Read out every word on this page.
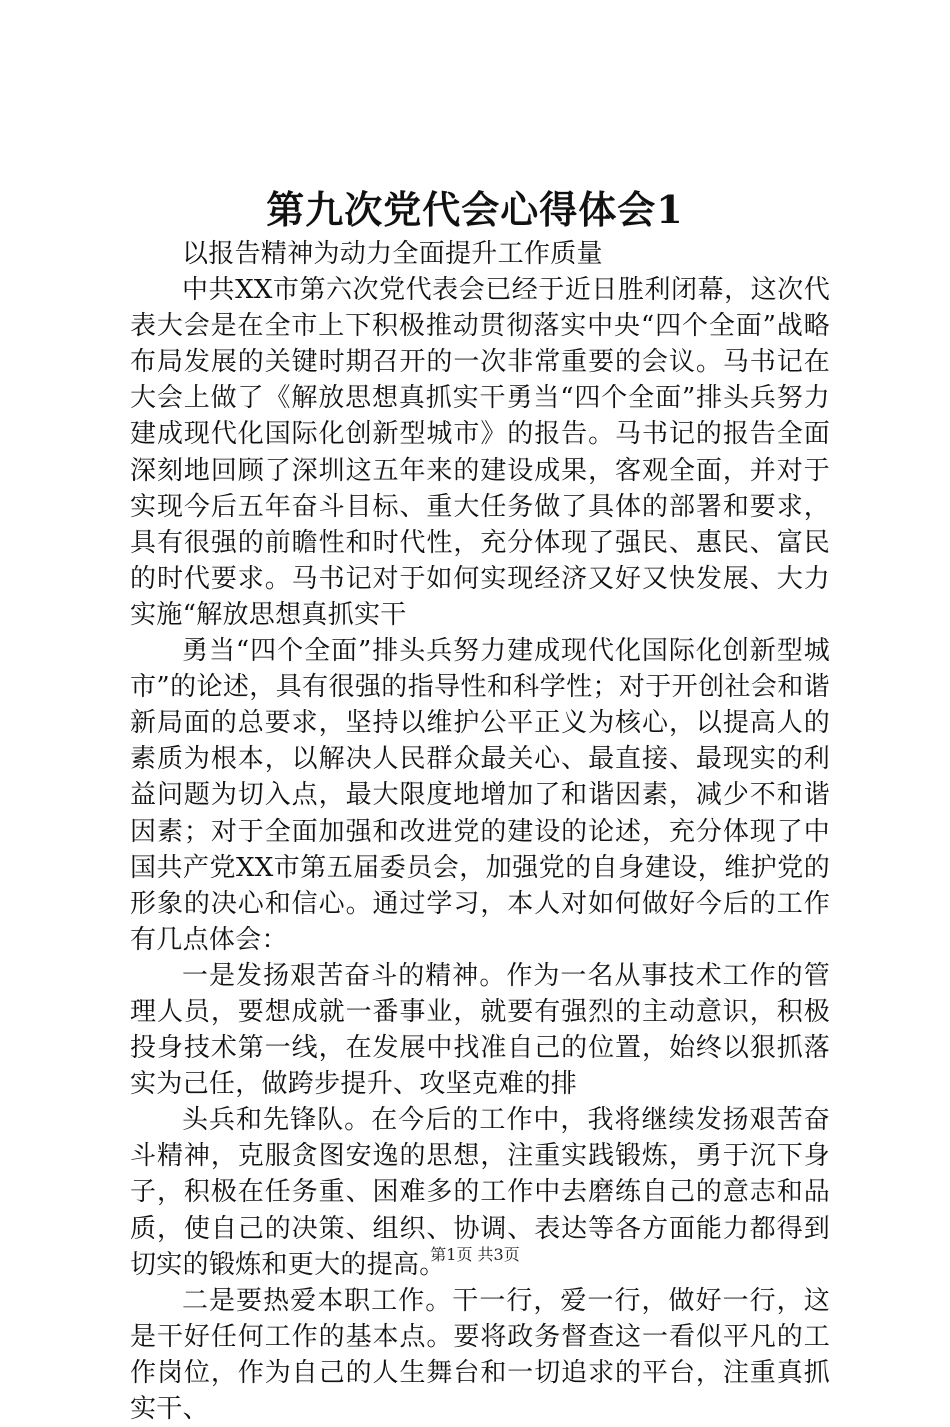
第九次党代会心得体会1

以报告精神为动力全面提升工作质量

中共XX市第六次党代表会已经于近日胜利闭幕，这次代表大会是在全市上下积极推动贯彻落实中央“四个全面”战略布局发展的关键时期召开的一次非常重要的会议。马书记在大会上做了《解放思想真抓实干勇当“四个全面”排头兵努力建成现代化国际化创新型城市》的报告。马书记的报告全面深刻地回顾了深圳这五年来的建设成果，客观全面，并对于实现今后五年奋斗目标、重大任务做了具体的部署和要求，具有很强的前瞻性和时代性，充分体现了强民、惠民、富民的时代要求。马书记对于如何实现经济又好又快发展、大力实施“解放思想真抓实干

勇当“四个全面”排头兵努力建成现代化国际化创新型城市”的论述，具有很强的指导性和科学性；对于开创社会和谐新局面的总要求，坚持以维护公平正义为核心，以提高人的素质为根本，以解决人民群众最关心、最直接、最现实的利益问题为切入点，最大限度地增加了和谐因素，减少不和谐因素；对于全面加强和改进党的建设的论述，充分体现了中国共产党XX市第五届委员会，加强党的自身建设，维护党的形象的决心和信心。通过学习，本人对如何做好今后的工作有几点体会：

一是发扬艰苦奋斗的精神。作为一名从事技术工作的管理人员，要想成就一番事业，就要有强烈的主动意识，积极投身技术第一线，在发展中找准自己的位置，始终以狠抓落实为己任，做跨步提升、攻坚克难的排

头兵和先锋队。在今后的工作中，我将继续发扬艰苦奋斗精神，克服贪图安逸的思想，注重实践锻炼，勇于沉下身子，积极在任务重、困难多的工作中去磨练自己的意志和品质，使自己的决策、组织、协调、表达等各方面能力都得到切实的锻炼和更大的提高。

二是要热爱本职工作。干一行，爱一行，做好一行，这是干好任何工作的基本点。要将政务督查这一看似平凡的工作岗位，作为自己的人生舞台和一切追求的平台，注重真抓实干、

第1页 共3页
